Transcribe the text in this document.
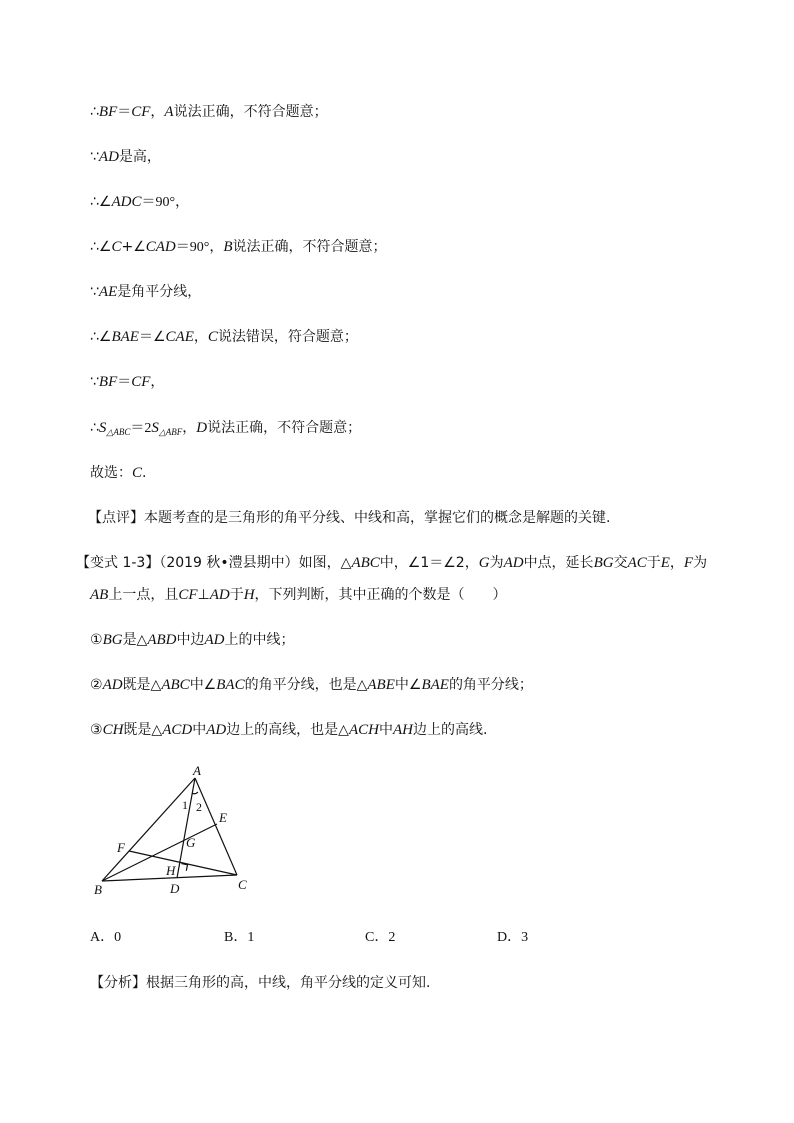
∴BF＝CF，A说法正确，不符合题意；
∵AD是高，
∴∠ADC＝90°，
∴∠C+∠CAD＝90°，B说法正确，不符合题意；
∵AE是角平分线，
∴∠BAE＝∠CAE，C说法错误，符合题意；
∵BF＝CF，
$\therefore S_{\triangle ABC}=2S_{\triangle ABF}$，D说法正确，不符合题意；
故选：C.
【点评】本题考查的是三角形的角平分线、中线和高，掌握它们的概念是解题的关键.
【变式 1-3】（2019 秋•澧县期中）如图，△ABC中，∠1＝∠2，G为AD中点，延长BG交AC于E，F为
AB上一点，且CF⊥AD于H，下列判断，其中正确的个数是（　　）
①BG是△ABD中边AD上的中线；
②AD既是△ABC中∠BAC的角平分线，也是△ABE中∠BAE的角平分线；
③CH既是△ACD中AD边上的高线，也是△ACH中AH边上的高线.
A
B	C
D
E
F	G
H
1 2
A．0	B．1	C．2	D．3
【分析】根据三角形的高，中线，角平分线的定义可知.
